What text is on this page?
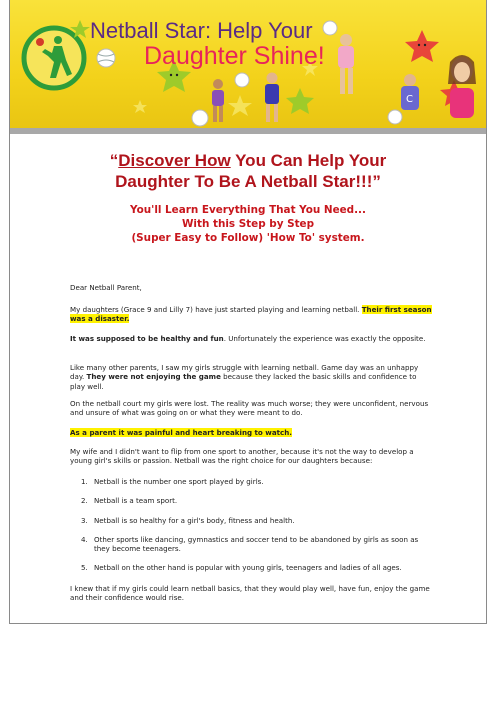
C
Netball Star: Help Your
Daughter Shine!
“Discover How You Can Help Your
Daughter To Be A Netball Star!!!”
You'll Learn Everything That You Need...
With this Step by Step
(Super Easy to Follow) 'How To' system.

Dear Netball Parent,

My daughters (Grace 9 and Lilly 7) have just started playing and learning netball. Their first season was a disaster.

It was supposed to be healthy and fun. Unfortunately the experience was exactly the opposite.

Like many other parents, I saw my girls struggle with learning netball. Game day was an unhappy day. They were not enjoying the game because they lacked the basic skills and confidence to play well.

On the netball court my girls were lost. The reality was much worse; they were unconfident, nervous and unsure of what was going on or what they were meant to do.

As a parent it was painful and heart breaking to watch.

My wife and I didn't want to flip from one sport to another, because it's not the way to develop a young girl's skills or passion. Netball was the right choice for our daughters because:

1. Netball is the number one sport played by girls.
2. Netball is a team sport.
3. Netball is so healthy for a girl's body, fitness and health.
4. Other sports like dancing, gymnastics and soccer tend to be abandoned by girls as soon as they become teenagers.
5. Netball on the other hand is popular with young girls, teenagers and ladies of all ages.

I knew that if my girls could learn netball basics, that they would play well, have fun, enjoy the game and their confidence would rise.
